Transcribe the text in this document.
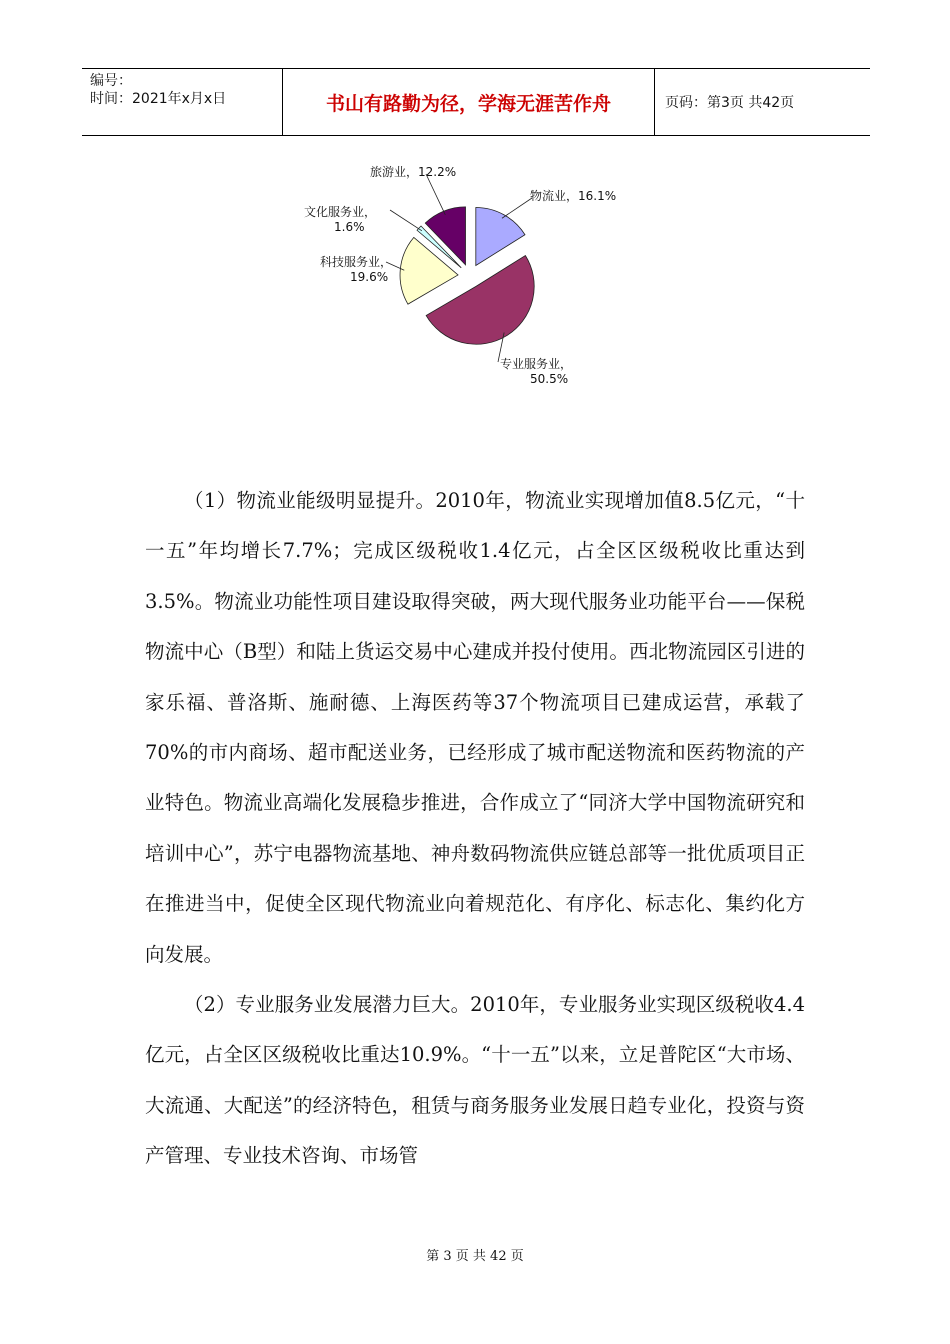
编号：
时间：2021年x月x日	书山有路勤为径，学海无涯苦作舟	页码：第3页 共42页
物流业，16.1%
专业服务业， 50.5%
科技服务业， 19.6%
文化服务业， 1.6%
旅游业，12.2%

（1）物流业能级明显提升。2010年，物流业实现增加值8.5亿元，“十一五”年均增长7.7%；完成区级税收1.4亿元，占全区区级税收比重达到3.5%。物流业功能性项目建设取得突破，两大现代服务业功能平台——保税物流中心（B型）和陆上货运交易中心建成并投付使用。西北物流园区引进的家乐福、普洛斯、施耐德、上海医药等37个物流项目已建成运营，承载了70%的市内商场、超市配送业务，已经形成了城市配送物流和医药物流的产业特色。物流业高端化发展稳步推进，合作成立了“同济大学中国物流研究和培训中心”，苏宁电器物流基地、神舟数码物流供应链总部等一批优质项目正在推进当中，促使全区现代物流业向着规范化、有序化、标志化、集约化方向发展。

（2）专业服务业发展潜力巨大。2010年，专业服务业实现区级税收4.4亿元，占全区区级税收比重达10.9%。“十一五”以来，立足普陀区“大市场、大流通、大配送”的经济特色，租赁与商务服务业发展日趋专业化，投资与资产管理、专业技术咨询、市场管

第 3 页 共 42 页
